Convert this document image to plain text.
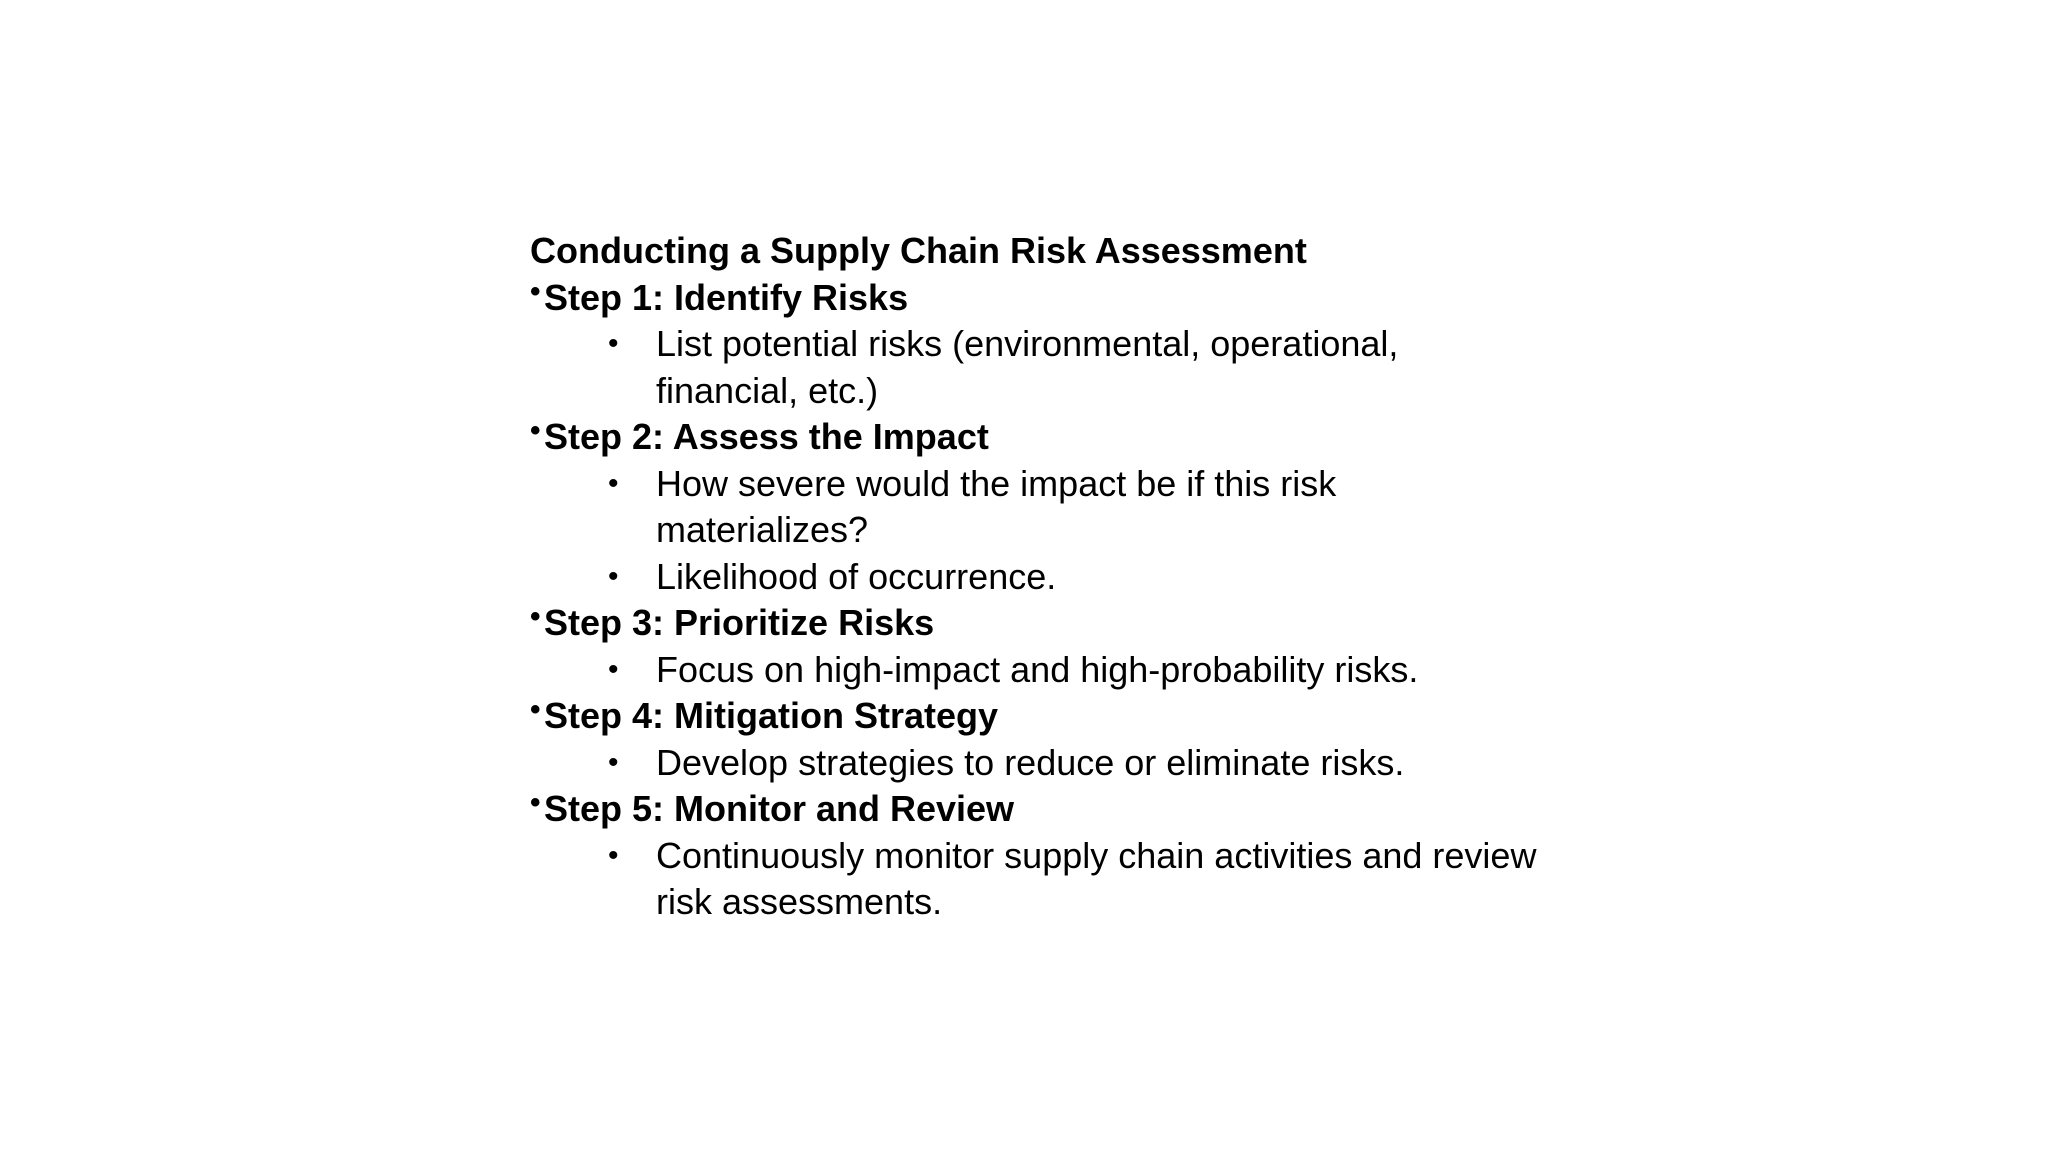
Conducting a Supply Chain Risk Assessment
• Step 1: Identify Risks
• List potential risks (environmental, operational, financial, etc.)
• Step 2: Assess the Impact
• How severe would the impact be if this risk materializes?
• Likelihood of occurrence.
• Step 3: Prioritize Risks
• Focus on high-impact and high-probability risks.
• Step 4: Mitigation Strategy
• Develop strategies to reduce or eliminate risks.
• Step 5: Monitor and Review
• Continuously monitor supply chain activities and review risk assessments.
